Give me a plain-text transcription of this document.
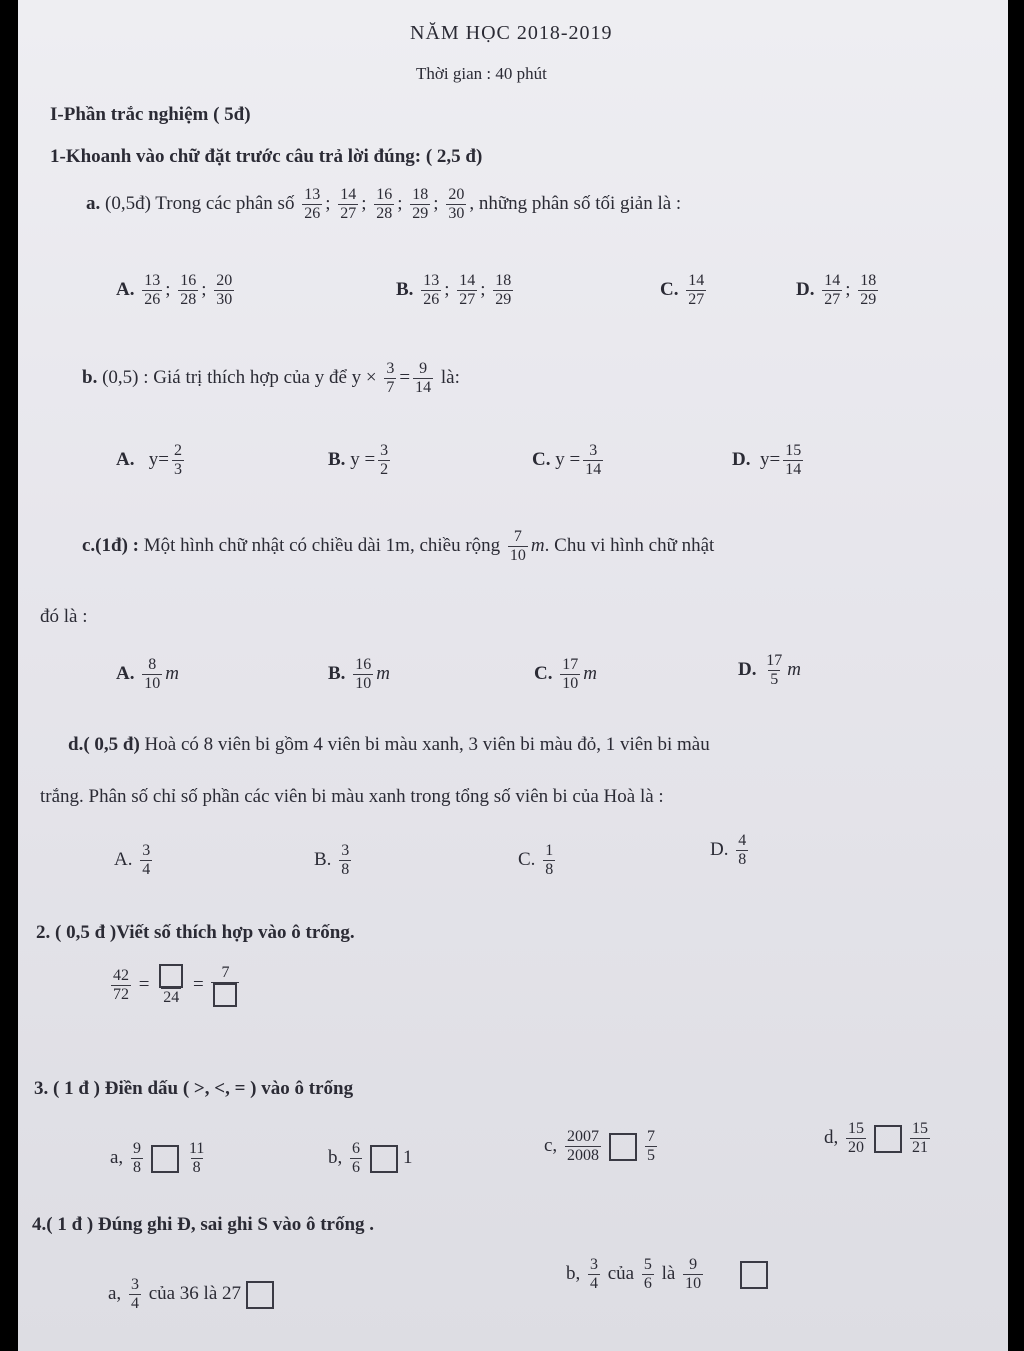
NĂM HỌC 2018-2019
Thời gian : 40 phút
I-Phần trắc nghiệm ( 5đ)
1-Khoanh vào chữ đặt trước câu trả lời đúng: ( 2,5 đ)
a. (0,5đ) Trong các phân số $\frac{13}{26}$ ; $\frac{14}{27}$ ; $\frac{16}{28}$ ; $\frac{18}{29}$ ; $\frac{20}{30}$ , những phân số tối giản là :
A. $\frac{13}{26}$ ; $\frac{16}{28}$ ; $\frac{20}{30}$	B. $\frac{13}{26}$ ; $\frac{14}{27}$ ; $\frac{18}{29}$	C. $\frac{14}{27}$	D. $\frac{14}{27}$ ; $\frac{18}{29}$
b. (0,5) : Giá trị thích hợp của y để $y \times \frac{3}{7} = \frac{9}{14}$ là:
A. $y= \frac{2}{3}$	B. $y = \frac{3}{2}$	C. $y = \frac{3}{14}$	D. $y= \frac{15}{14}$
c.(1đ) : Một hình chữ nhật có chiều dài 1m, chiều rộng $\frac{7}{10} m$. Chu vi hình chữ nhật
đó là :
A. $\frac{8}{10}$ m	B. $\frac{16}{10}$ m	C. $\frac{17}{10}$ m	D. $\frac{17}{5}$ m
d.( 0,5 đ) Hoà có 8 viên bi gồm 4 viên bi màu xanh, 3 viên bi màu đỏ, 1 viên bi màu
trắng. Phân số chỉ số phần các viên bi màu xanh trong tổng số viên bi của Hoà là :
A. $\frac{3}{4}$	B. $\frac{3}{8}$	C. $\frac{1}{8}$	D. $\frac{4}{8}$
2. ( 0,5 đ )Viết số thích hợp vào ô trống.
$\frac{42}{72}$ =
24
=
7
3. ( 1 đ ) Điền dấu ( >, <, = ) vào ô trống
a, $\frac{9}{8}$	$\frac{11}{8}$	b, $\frac{6}{6} 1$
c, $\frac{2007}{2008}$	$\frac{7}{5}$	d, $\frac{15}{20}$	$\frac{15}{21}$
4.( 1 đ ) Đúng ghi Đ, sai ghi S vào ô trống .
a, $\frac{3}{4}$ của 36 là 27
b, $\frac{3}{4}$ của $\frac{5}{6}$ là $\frac{9}{10}$
